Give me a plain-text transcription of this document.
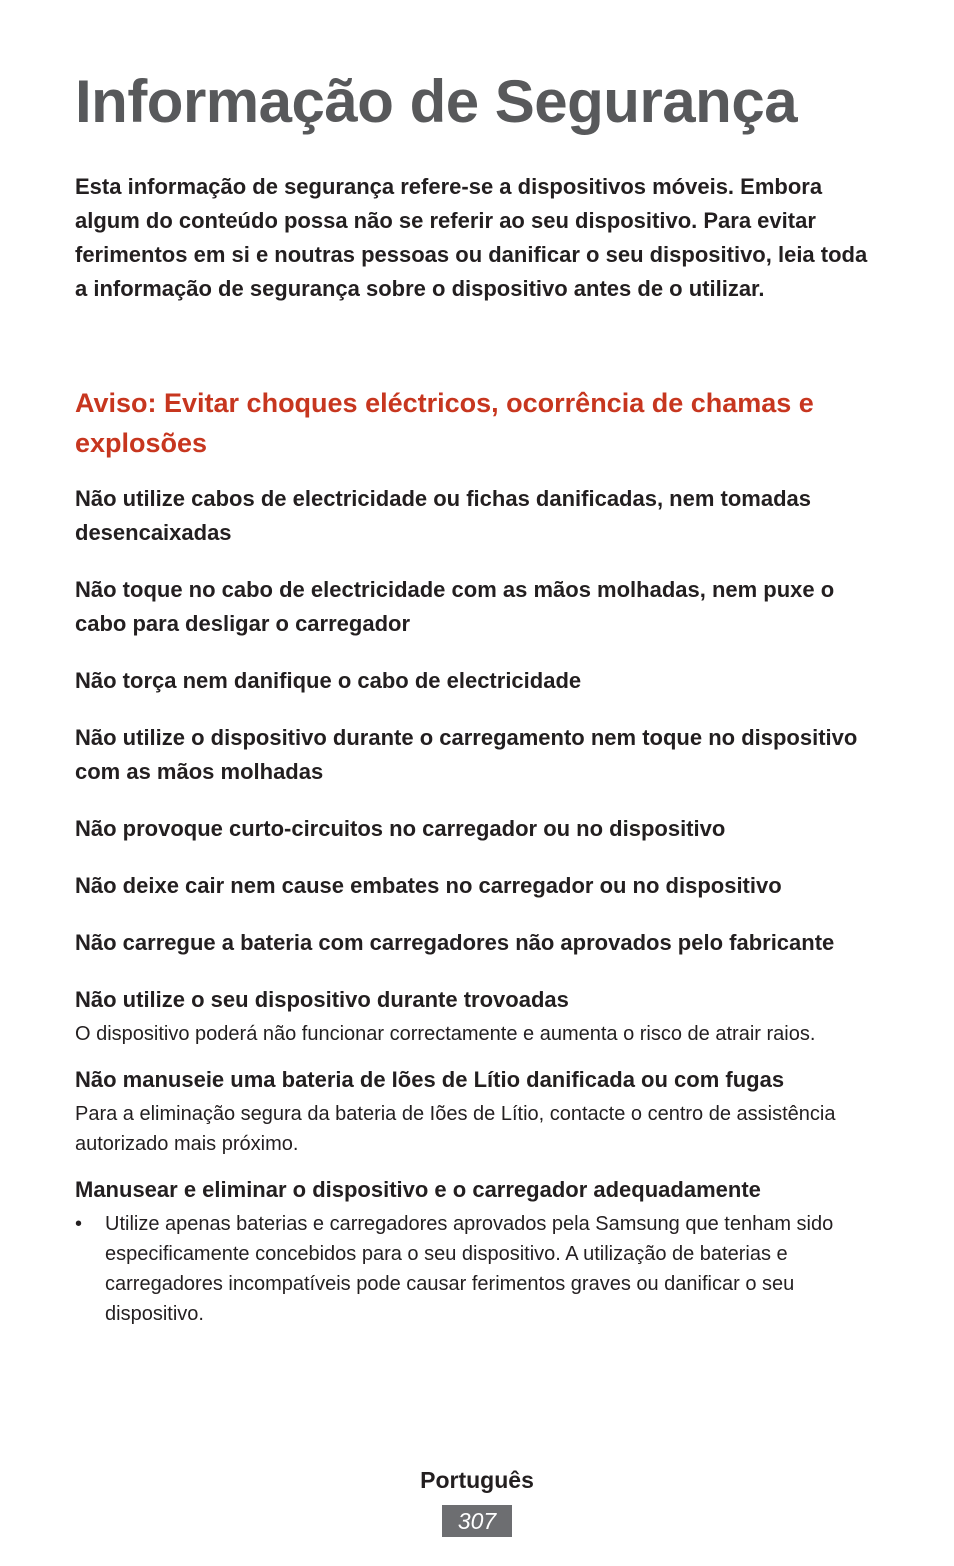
Informação de Segurança

Esta informação de segurança refere-se a dispositivos móveis. Embora algum do conteúdo possa não se referir ao seu dispositivo. Para evitar ferimentos em si e noutras pessoas ou danificar o seu dispositivo, leia toda a informação de segurança sobre o dispositivo antes de o utilizar.

Aviso: Evitar choques eléctricos, ocorrência de chamas e explosões

Não utilize cabos de electricidade ou fichas danificadas, nem tomadas desencaixadas

Não toque no cabo de electricidade com as mãos molhadas, nem puxe o cabo para desligar o carregador

Não torça nem danifique o cabo de electricidade

Não utilize o dispositivo durante o carregamento nem toque no dispositivo com as mãos molhadas

Não provoque curto-circuitos no carregador ou no dispositivo

Não deixe cair nem cause embates no carregador ou no dispositivo

Não carregue a bateria com carregadores não aprovados pelo fabricante

Não utilize o seu dispositivo durante trovoadas

O dispositivo poderá não funcionar correctamente e aumenta o risco de atrair raios.

Não manuseie uma bateria de Iões de Lítio danificada ou com fugas

Para a eliminação segura da bateria de Iões de Lítio, contacte o centro de assistência autorizado mais próximo.

Manusear e eliminar o dispositivo e o carregador adequadamente

•	Utilize apenas baterias e carregadores aprovados pela Samsung que tenham sido especificamente concebidos para o seu dispositivo. A utilização de baterias e carregadores incompatíveis pode causar ferimentos graves ou danificar o seu dispositivo.
Português
307
